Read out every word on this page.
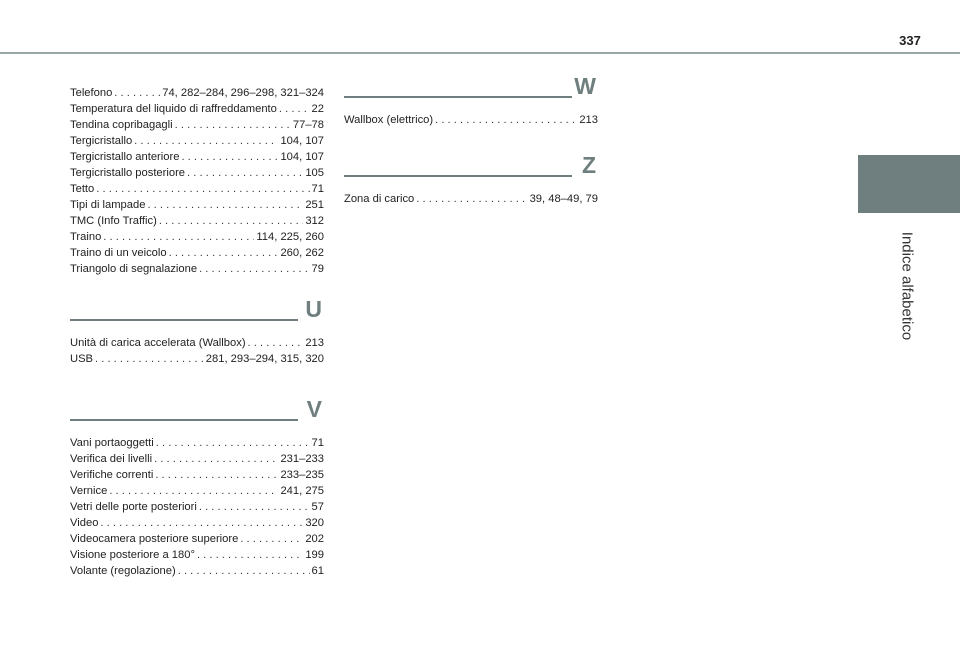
337
Indice alfabetico
Telefono . . .	74, 282–284, 296–298, 321–324
Temperatura del liquido di raffreddamento . . .	22
Tendina copribagagli . . .	77–78
Tergicristallo . . .	104, 107
Tergicristallo anteriore . . .	104, 107
Tergicristallo posteriore . . .	105
Tetto . . .	71
Tipi di lampade . . .	251
TMC (Info Traffic) . . .	312
Traino . . .	114, 225, 260
Traino di un veicolo . . .	260, 262
Triangolo di segnalazione . . .	79
U
Unità di carica accelerata (Wallbox) . . .	213
USB . . .	281, 293–294, 315, 320
V
Vani portaoggetti . . .	71
Verifica dei livelli . . .	231–233
Verifiche correnti . . .	233–235
Vernice . . .	241, 275
Vetri delle porte posteriori . . .	57
Video . . .	320
Videocamera posteriore superiore . . .	202
Visione posteriore a 180° . . .	199
Volante (regolazione) . . .	61
W
Wallbox (elettrico) . . .	213
Z
Zona di carico . . .	39, 48–49, 79
